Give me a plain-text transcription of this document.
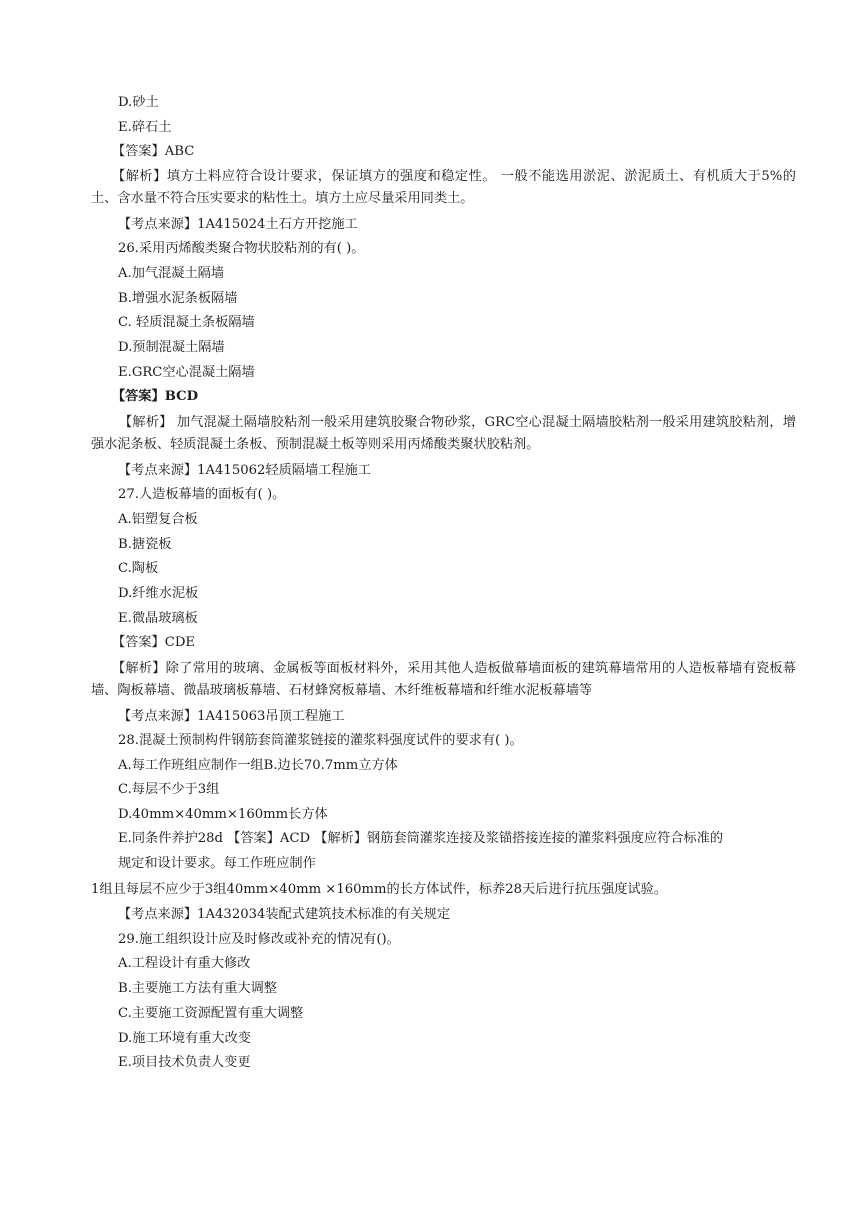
D.砂土
E.碎石土
【答案】ABC
【解析】填方土料应符合设计要求，保证填方的强度和稳定性。 一般不能选用淤泥、淤泥质土、有机质大于5%的土、含水量不符合压实要求的粘性土。填方土应尽量采用同类土。
【考点来源】1A415024土石方开挖施工
26.采用丙烯酸类聚合物状胶粘剂的有( )。
A.加气混凝土隔墙
B.增强水泥条板隔墙
C. 轻质混凝土条板隔墙
D.预制混凝土隔墙
E.GRC空心混凝土隔墙
【答案】BCD
【解析】 加气混凝土隔墙胶粘剂一般采用建筑胶聚合物砂浆，GRC空心混凝土隔墙胶粘剂一般采用建筑胶粘剂，增强水泥条板、轻质混凝土条板、预制混凝土板等则采用丙烯酸类聚状胶粘剂。
【考点来源】1A415062轻质隔墙工程施工
27.人造板幕墙的面板有( )。
A.铝塑复合板
B.搪瓷板
C.陶板
D.纤维水泥板
E.微晶玻璃板
【答案】CDE
【解析】除了常用的玻璃、金属板等面板材料外，采用其他人造板做幕墙面板的建筑幕墙常用的人造板幕墙有瓷板幕墙、陶板幕墙、微晶玻璃板幕墙、石材蜂窝板幕墙、木纤维板幕墙和纤维水泥板幕墙等
【考点来源】1A415063吊顶工程施工
28.混凝土预制构件钢筋套筒灌浆链接的灌浆料强度试件的要求有( )。
A.每工作班组应制作一组B.边长70.7mm立方体
C.每层不少于3组
D.40mm×40mm×160mm长方体
E.同条件养护28d 【答案】ACD 【解析】钢筋套筒灌浆连接及浆锚搭接连接的灌浆料强度应符合标准的
规定和设计要求。每工作班应制作
1组且每层不应少于3组40mm×40mm ×160mm的长方体试件，标养28天后进行抗压强度试验。
【考点来源】1A432034装配式建筑技术标准的有关规定
29.施工组织设计应及时修改或补充的情况有()。
A.工程设计有重大修改
B.主要施工方法有重大调整
C.主要施工资源配置有重大调整
D.施工环境有重大改变
E.项目技术负责人变更
